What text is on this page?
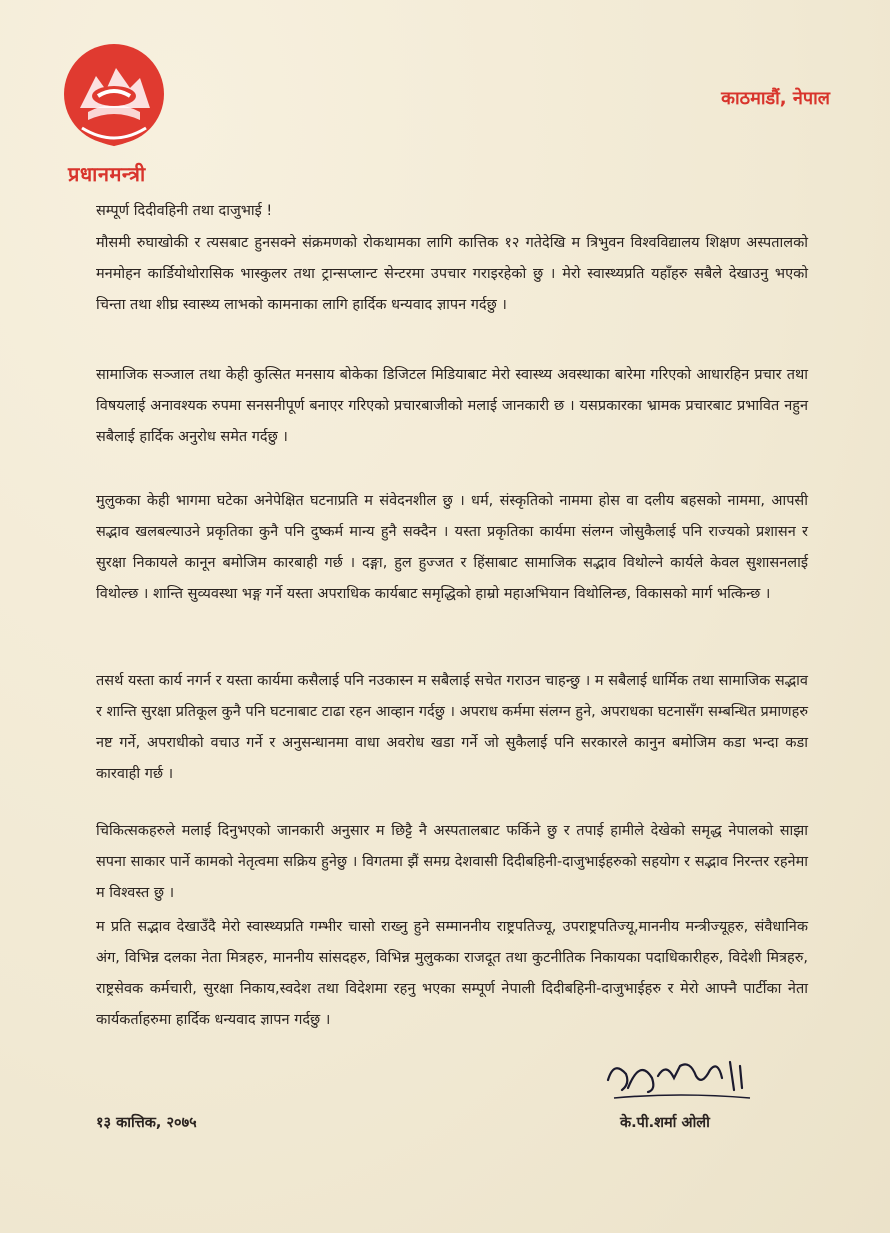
प्रधानमन्त्री
काठमाडौं, नेपाल
सम्पूर्ण दिदीवहिनी तथा दाजुभाई !

मौसमी रुघाखोकी र त्यसबाट हुनसक्ने संक्रमणको रोकथामका लागि कात्तिक १२ गतेदेखि म त्रिभुवन विश्वविद्यालय शिक्षण अस्पतालको मनमोहन कार्डियोथोरासिक भास्कुलर तथा ट्रान्सप्लान्ट सेन्टरमा उपचार गराइरहेको छु । मेरो स्वास्थ्यप्रति यहाँहरु सबैले देखाउनु भएको चिन्ता तथा शीघ्र स्वास्थ्य लाभको कामनाका लागि हार्दिक धन्यवाद ज्ञापन गर्दछु ।

सामाजिक सञ्जाल तथा केही कुत्सित मनसाय बोकेका डिजिटल मिडियाबाट मेरो स्वास्थ्य अवस्थाका बारेमा गरिएको आधारहिन प्रचार तथा विषयलाई अनावश्यक रुपमा सनसनीपूर्ण बनाएर गरिएको प्रचारबाजीको मलाई जानकारी छ । यसप्रकारका भ्रामक प्रचारबाट प्रभावित नहुन सबैलाई हार्दिक अनुरोध समेत गर्दछु ।

मुलुकका केही भागमा घटेका अनेपेक्षित घटनाप्रति म संवेदनशील छु । धर्म, संस्कृतिको नाममा होस वा दलीय बहसको नाममा, आपसी सद्भाव खलबल्याउने प्रकृतिका कुनै पनि दुष्कर्म मान्य हुनै सक्दैन । यस्ता प्रकृतिका कार्यमा संलग्न जोसुकैलाई पनि राज्यको प्रशासन र सुरक्षा निकायले कानून बमोजिम कारबाही गर्छ । दङ्गा, हुल हुज्जत र हिंसाबाट सामाजिक सद्भाव विथोल्ने कार्यले केवल सुशासनलाई विथोल्छ । शान्ति सुव्यवस्था भङ्ग गर्ने यस्ता अपराधिक कार्यबाट समृद्धिको हाम्रो महाअभियान विथोलिन्छ, विकासको मार्ग भत्किन्छ ।

तसर्थ यस्ता कार्य नगर्न र यस्ता कार्यमा कसैलाई पनि नउकास्न म सबैलाई सचेत गराउन चाहन्छु । म सबैलाई धार्मिक तथा सामाजिक सद्भाव र शान्ति सुरक्षा प्रतिकूल कुनै पनि घटनाबाट टाढा रहन आव्हान गर्दछु । अपराध कर्ममा संलग्न हुने, अपराधका घटनासँग सम्बन्धित प्रमाणहरु नष्ट गर्ने, अपराधीको वचाउ गर्ने र अनुसन्धानमा वाधा अवरोध खडा गर्ने जो सुकैलाई पनि सरकारले कानुन बमोजिम कडा भन्दा कडा कारवाही गर्छ ।

चिकित्सकहरुले मलाई दिनुभएको जानकारी अनुसार म छिट्टै नै अस्पतालबाट फर्किने छु र तपाई हामीले देखेको समृद्ध नेपालको साझा सपना साकार पार्ने कामको नेतृत्वमा सक्रिय हुनेछु । विगतमा झैं समग्र देशवासी दिदीबहिनी-दाजुभाईहरुको सहयोग र सद्भाव निरन्तर रहनेमा म विश्वस्त छु ।

म प्रति सद्भाव देखाउँदै मेरो स्वास्थ्यप्रति गम्भीर चासो राख्नु हुने सम्माननीय राष्ट्रपतिज्यू, उपराष्ट्रपतिज्यू,माननीय मन्त्रीज्यूहरु, संवैधानिक अंग, विभिन्न दलका नेता मित्रहरु, माननीय सांसदहरु, विभिन्न मुलुकका राजदूत तथा कुटनीतिक निकायका पदाधिकारीहरु, विदेशी मित्रहरु, राष्ट्रसेवक कर्मचारी, सुरक्षा निकाय,स्वदेश तथा विदेशमा रहनु भएका सम्पूर्ण नेपाली दिदीबहिनी-दाजुभाईहरु र मेरो आफ्नै पार्टीका नेता कार्यकर्ताहरुमा हार्दिक धन्यवाद ज्ञापन गर्दछु ।

१३ कात्तिक, २०७५	के.पी.शर्मा ओली
